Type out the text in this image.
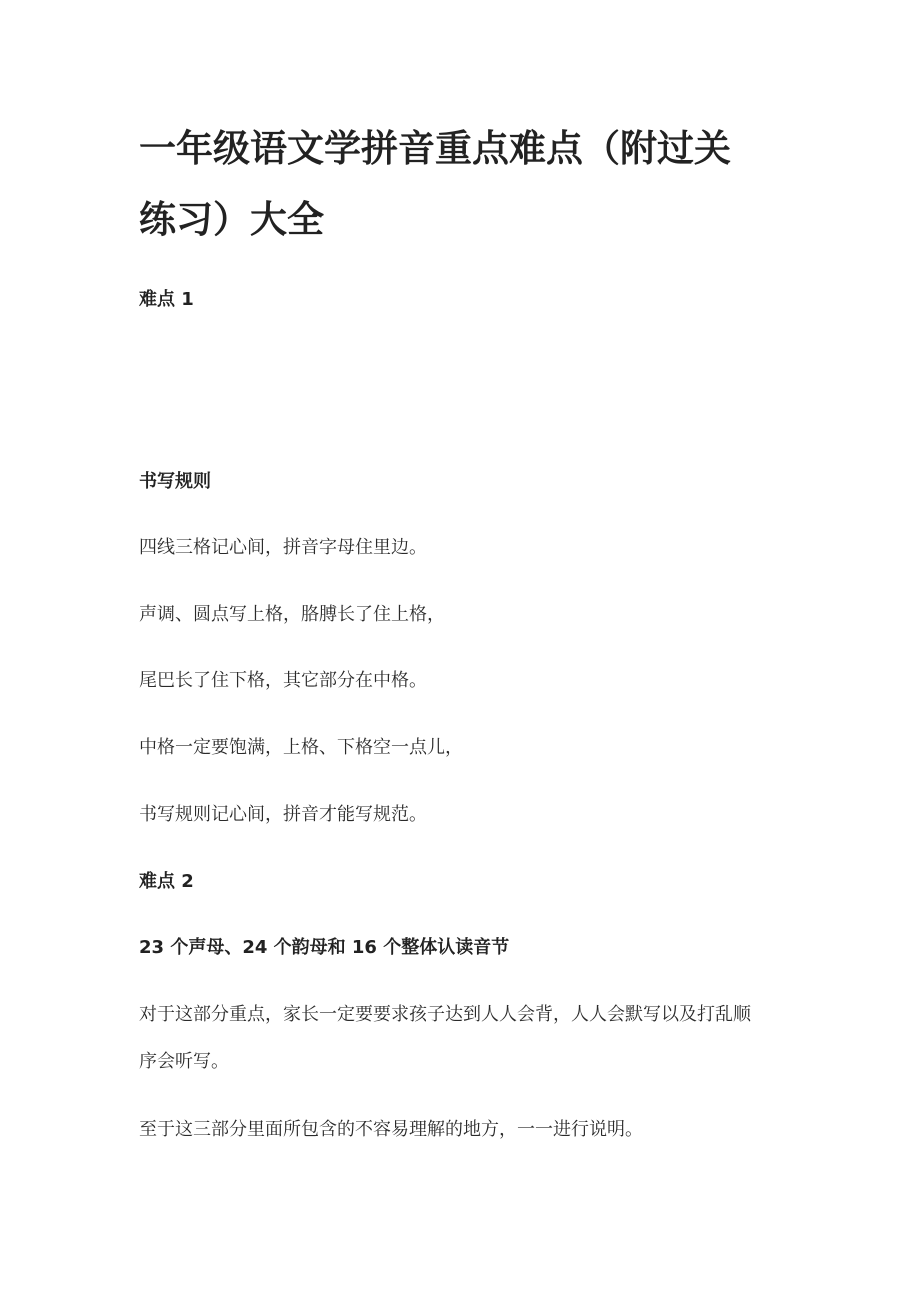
一年级语文学拼音重点难点（附过关
练习）大全
难点 1
书写规则
四线三格记心间，拼音字母住里边。
声调、圆点写上格，胳膊长了住上格，
尾巴长了住下格，其它部分在中格。
中格一定要饱满，上格、下格空一点儿，
书写规则记心间，拼音才能写规范。
难点 2
23 个声母、24 个韵母和 16 个整体认读音节
对于这部分重点，家长一定要要求孩子达到人人会背，人人会默写以及打乱顺
序会听写。
至于这三部分里面所包含的不容易理解的地方，一一进行说明。
